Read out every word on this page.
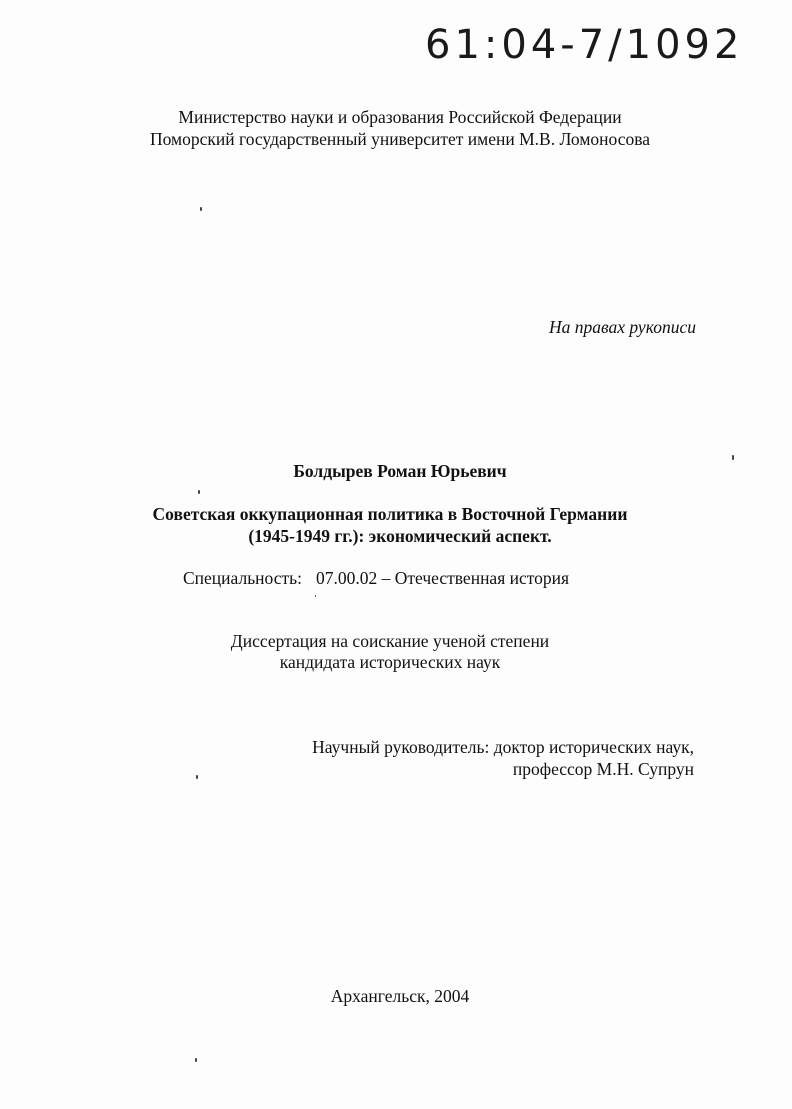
61:04-7/1092
Министерство науки и образования Российской Федерации
Поморский государственный университет имени М.В. Ломоносова
На правах рукописи
Болдырев Роман Юрьевич
Советская оккупационная политика в Восточной Германии
(1945-1949 гг.): экономический аспект.
Специальность: 07.00.02 – Отечественная история
Диссертация на соискание ученой степени
кандидата исторических наук
Научный руководитель: доктор исторических наук,
профессор М.Н. Супрун
Архангельск, 2004
